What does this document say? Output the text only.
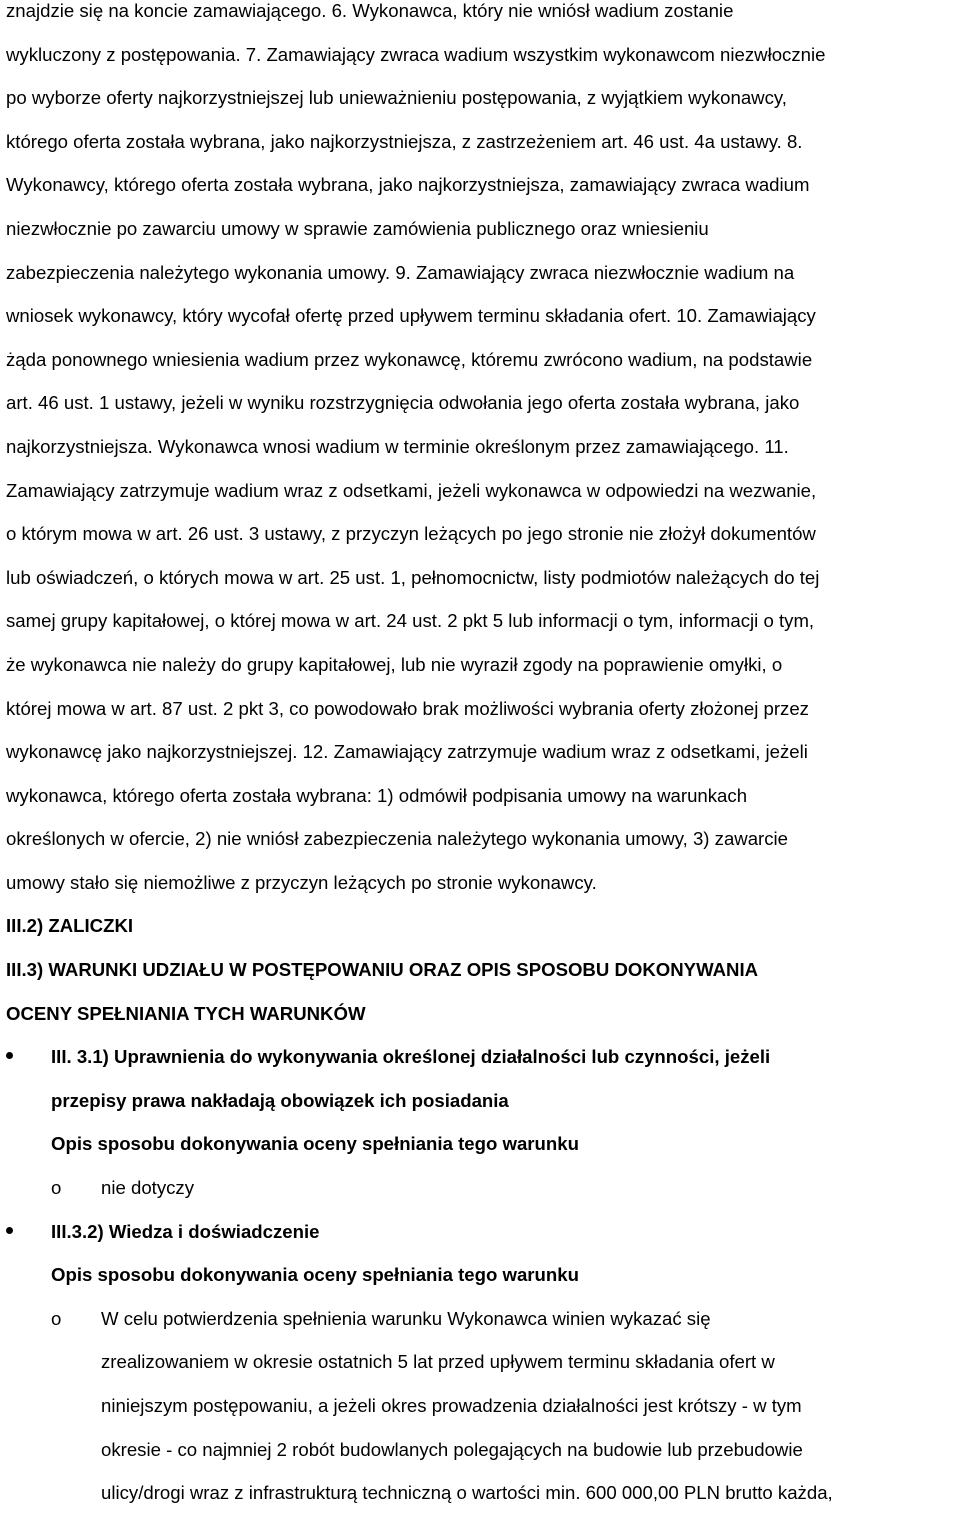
znajdzie się na koncie zamawiającego. 6. Wykonawca, który nie wniósł wadium zostanie
wykluczony z postępowania. 7. Zamawiający zwraca wadium wszystkim wykonawcom niezwłocznie
po wyborze oferty najkorzystniejszej lub unieważnieniu postępowania, z wyjątkiem wykonawcy,
którego oferta została wybrana, jako najkorzystniejsza, z zastrzeżeniem art. 46 ust. 4a ustawy. 8.
Wykonawcy, którego oferta została wybrana, jako najkorzystniejsza, zamawiający zwraca wadium
niezwłocznie po zawarciu umowy w sprawie zamówienia publicznego oraz wniesieniu
zabezpieczenia należytego wykonania umowy. 9. Zamawiający zwraca niezwłocznie wadium na
wniosek wykonawcy, który wycofał ofertę przed upływem terminu składania ofert. 10. Zamawiający
żąda ponownego wniesienia wadium przez wykonawcę, któremu zwrócono wadium, na podstawie
art. 46 ust. 1 ustawy, jeżeli w wyniku rozstrzygnięcia odwołania jego oferta została wybrana, jako
najkorzystniejsza. Wykonawca wnosi wadium w terminie określonym przez zamawiającego. 11.
Zamawiający zatrzymuje wadium wraz z odsetkami, jeżeli wykonawca w odpowiedzi na wezwanie,
o którym mowa w art. 26 ust. 3 ustawy, z przyczyn leżących po jego stronie nie złożył dokumentów
lub oświadczeń, o których mowa w art. 25 ust. 1, pełnomocnictw, listy podmiotów należących do tej
samej grupy kapitałowej, o której mowa w art. 24 ust. 2 pkt 5 lub informacji o tym, informacji o tym,
że wykonawca nie należy do grupy kapitałowej, lub nie wyraził zgody na poprawienie omyłki, o
której mowa w art. 87 ust. 2 pkt 3, co powodowało brak możliwości wybrania oferty złożonej przez
wykonawcę jako najkorzystniejszej. 12. Zamawiający zatrzymuje wadium wraz z odsetkami, jeżeli
wykonawca, którego oferta została wybrana: 1) odmówił podpisania umowy na warunkach
określonych w ofercie, 2) nie wniósł zabezpieczenia należytego wykonania umowy, 3) zawarcie
umowy stało się niemożliwe z przyczyn leżących po stronie wykonawcy.
III.2) ZALICZKI
III.3) WARUNKI UDZIAŁU W POSTĘPOWANIU ORAZ OPIS SPOSOBU DOKONYWANIA
OCENY SPEŁNIANIA TYCH WARUNKÓW
III. 3.1) Uprawnienia do wykonywania określonej działalności lub czynności, jeżeli
przepisy prawa nakładają obowiązek ich posiadania
Opis sposobu dokonywania oceny spełniania tego warunku
o nie dotyczy
III.3.2) Wiedza i doświadczenie
Opis sposobu dokonywania oceny spełniania tego warunku
o W celu potwierdzenia spełnienia warunku Wykonawca winien wykazać się
zrealizowaniem w okresie ostatnich 5 lat przed upływem terminu składania ofert w
niniejszym postępowaniu, a jeżeli okres prowadzenia działalności jest krótszy - w tym
okresie - co najmniej 2 robót budowlanych polegających na budowie lub przebudowie
ulicy/drogi wraz z infrastrukturą techniczną o wartości min. 600 000,00 PLN brutto każda,
